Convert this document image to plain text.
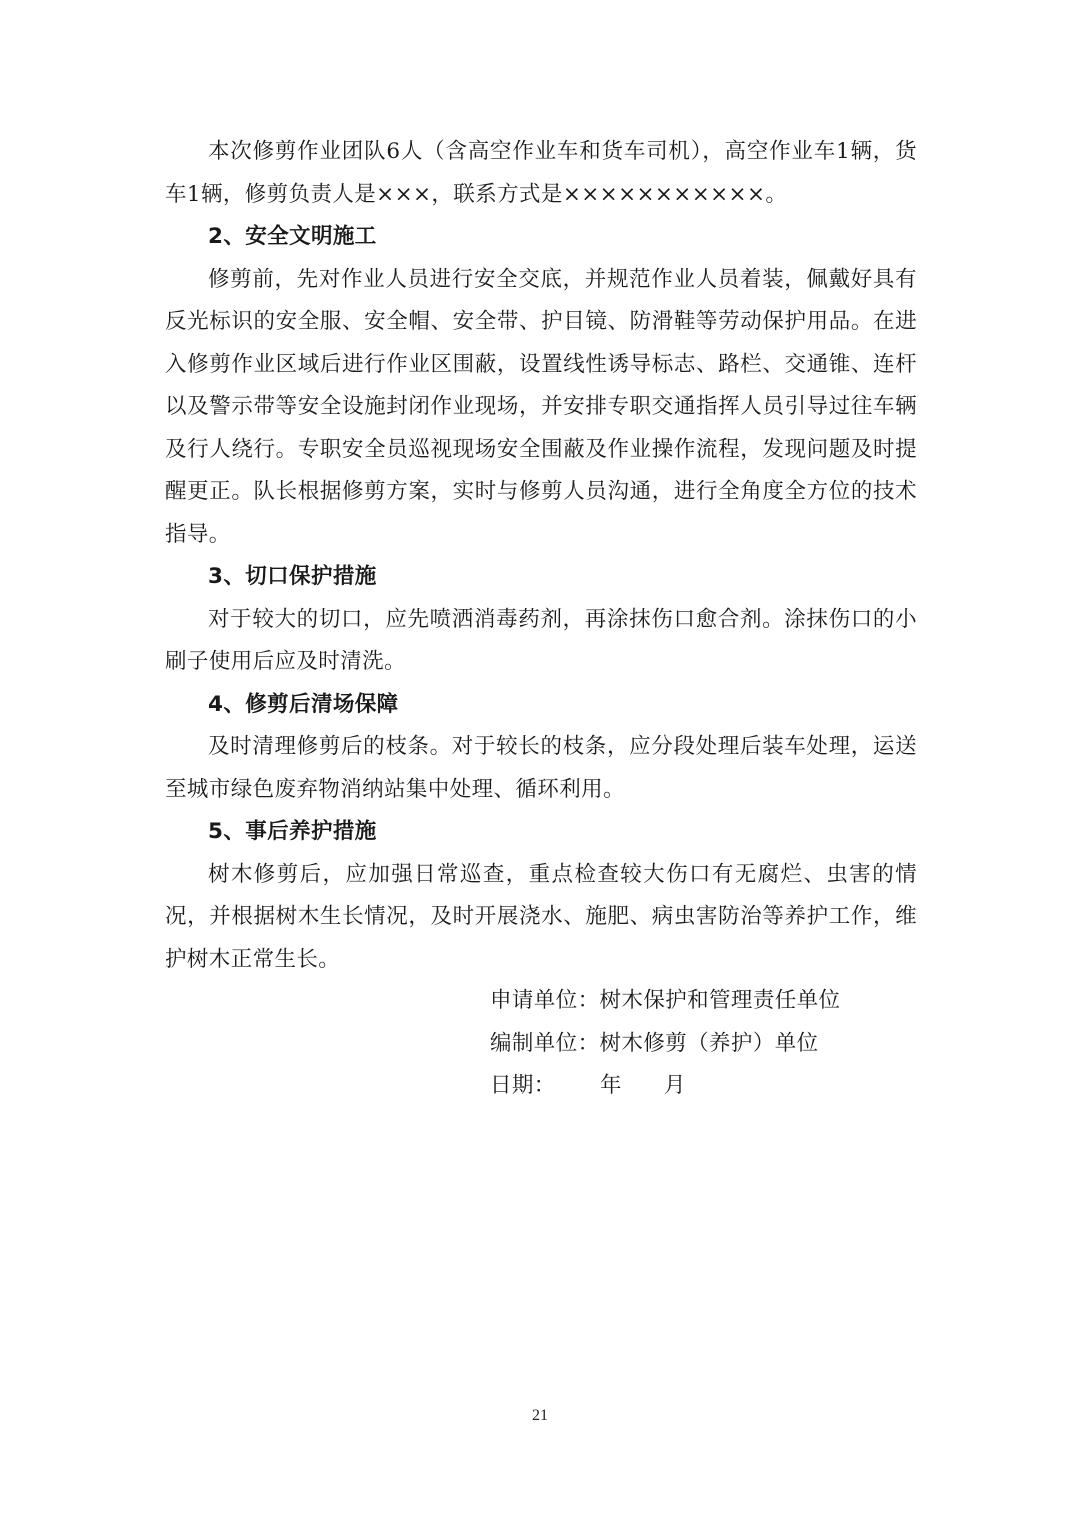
本次修剪作业团队6人（含高空作业车和货车司机），高空作业车1辆，货车1辆，修剪负责人是×××，联系方式是×××××××××××。

2、安全文明施工

修剪前，先对作业人员进行安全交底，并规范作业人员着装，佩戴好具有反光标识的安全服、安全帽、安全带、护目镜、防滑鞋等劳动保护用品。在进入修剪作业区域后进行作业区围蔽，设置线性诱导标志、路栏、交通锥、连杆以及警示带等安全设施封闭作业现场，并安排专职交通指挥人员引导过往车辆及行人绕行。专职安全员巡视现场安全围蔽及作业操作流程，发现问题及时提醒更正。队长根据修剪方案，实时与修剪人员沟通，进行全角度全方位的技术指导。

3、切口保护措施

对于较大的切口，应先喷洒消毒药剂，再涂抹伤口愈合剂。涂抹伤口的小刷子使用后应及时清洗。

4、修剪后清场保障

及时清理修剪后的枝条。对于较长的枝条，应分段处理后装车处理，运送至城市绿色废弃物消纳站集中处理、循环利用。

5、事后养护措施

树木修剪后，应加强日常巡查，重点检查较大伤口有无腐烂、虫害的情况，并根据树木生长情况，及时开展浇水、施肥、病虫害防治等养护工作，维护树木正常生长。

申请单位：树木保护和管理责任单位
编制单位：树木修剪（养护）单位
日期： 年 月
21
